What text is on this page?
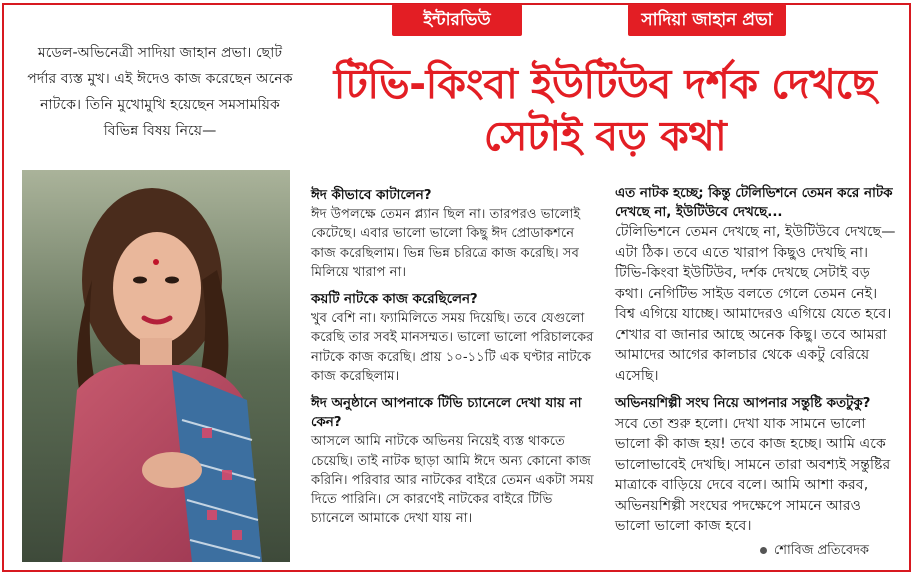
ইন্টারভিউ	সাদিয়া জাহান প্রভা
মডেল-অভিনেত্রী সাদিয়া জাহান প্রভা। ছোট পর্দার ব্যস্ত মুখ। এই ঈদেও কাজ করেছেন অনেক নাটকে। তিনি মুখোমুখি হয়েছেন সমসাময়িক বিভিন্ন বিষয় নিয়ে—
টিভি-কিংবা ইউটিউব দর্শক দেখছে
সেটাই বড় কথা

ঈদ কীভাবে কাটালেন?

ঈদ উপলক্ষে তেমন প্ল্যান ছিল না। তারপরও ভালোই কেটেছে। এবার ভালো ভালো কিছু ঈদ প্রোডাকশনে কাজ করেছিলাম। ভিন্ন ভিন্ন চরিত্রে কাজ করেছি। সব মিলিয়ে খারাপ না।

কয়টি নাটকে কাজ করেছিলেন?

খুব বেশি না। ফ্যামিলিতে সময় দিয়েছি। তবে যেগুলো করেছি তার সবই মানসম্মত। ভালো ভালো পরিচালকের নাটকে কাজ করেছি। প্রায় ১০-১১টি এক ঘণ্টার নাটকে কাজ করেছিলাম।

ঈদ অনুষ্ঠানে আপনাকে টিভি চ্যানেলে দেখা যায় না কেন?

আসলে আমি নাটকে অভিনয় নিয়েই ব্যস্ত থাকতে চেয়েছি। তাই নাটক ছাড়া আমি ঈদে অন্য কোনো কাজ করিনি। পরিবার আর নাটকের বাইরে তেমন একটা সময় দিতে পারিনি। সে কারণেই নাটকের বাইরে টিভি চ্যানেলে আমাকে দেখা যায় না।

এত নাটক হচ্ছে; কিন্তু টেলিভিশনে তেমন করে নাটক দেখছে না, ইউটিউবে দেখছে...

টেলিভিশনে তেমন দেখছে না, ইউটিউবে দেখছে—এটা ঠিক। তবে এতে খারাপ কিছুও দেখছি না। টিভি-কিংবা ইউটিউব, দর্শক দেখছে সেটাই বড় কথা। নেগিটিভ সাইড বলতে গেলে তেমন নেই। বিশ্ব এগিয়ে যাচ্ছে। আমাদেরও এগিয়ে যেতে হবে। শেখার বা জানার আছে অনেক কিছু। তবে আমরা আমাদের আগের কালচার থেকে একটু বেরিয়ে এসেছি।

অভিনয়শিল্পী সংঘ নিয়ে আপনার সন্তুষ্টি কতটুকু?

সবে তো শুরু হলো। দেখা যাক সামনে ভালো ভালো কী কাজ হয়! তবে কাজ হচ্ছে। আমি একে ভালোভাবেই দেখছি। সামনে তারা অবশ্যই সন্তুষ্টির মাত্রাকে বাড়িয়ে দেবে বলে। আমি আশা করব, অভিনয়শিল্পী সংঘের পদক্ষেপে সামনে আরও ভালো ভালো কাজ হবে।

শোবিজ প্রতিবেদক
